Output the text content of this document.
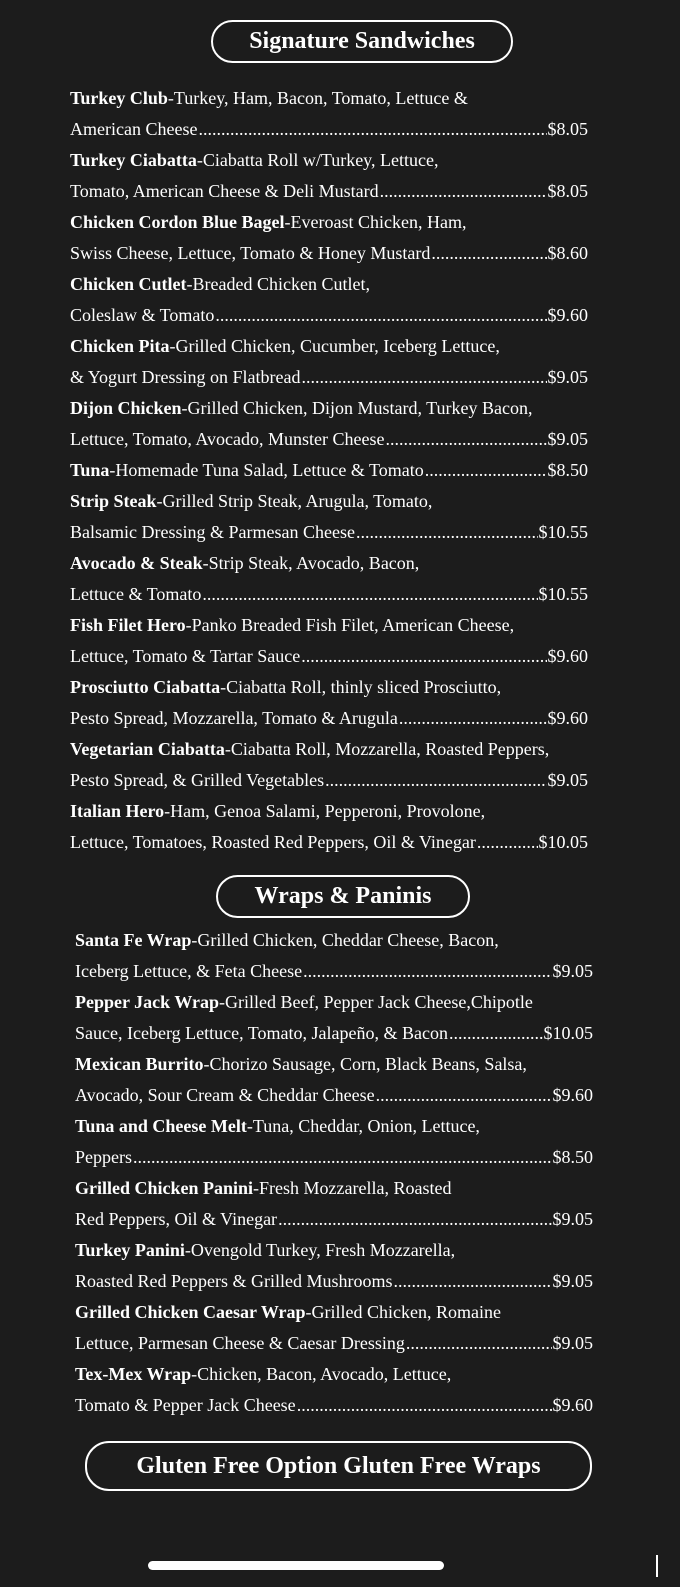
Signature Sandwiches
Turkey Club -Turkey, Ham, Bacon, Tomato, Lettuce &
American Cheese .....	$8.05
Turkey Ciabatta -Ciabatta Roll w/Turkey, Lettuce,
Tomato, American Cheese & Deli Mustard .....	$8.05
Chicken Cordon Blue Bagel -Everoast Chicken, Ham,
Swiss Cheese, Lettuce, Tomato & Honey Mustard .....	$8.60
Chicken Cutlet -Breaded Chicken Cutlet,
Coleslaw & Tomato .....	$9.60
Chicken Pita -Grilled Chicken, Cucumber, Iceberg Lettuce,
& Yogurt Dressing on Flatbread .....	$9.05
Dijon Chicken -Grilled Chicken, Dijon Mustard, Turkey Bacon,
Lettuce, Tomato, Avocado, Munster Cheese .....	$9.05
Tuna -Homemade Tuna Salad, Lettuce & Tomato .....	$8.50
Strip Steak -Grilled Strip Steak, Arugula, Tomato,
Balsamic Dressing & Parmesan Cheese .....	$10.55
Avocado & Steak -Strip Steak, Avocado, Bacon,
Lettuce & Tomato .....	$10.55
Fish Filet Hero -Panko Breaded Fish Filet, American Cheese,
Lettuce, Tomato & Tartar Sauce .....	$9.60
Prosciutto Ciabatta -Ciabatta Roll, thinly sliced Prosciutto,
Pesto Spread, Mozzarella, Tomato & Arugula .....	$9.60
Vegetarian Ciabatta -Ciabatta Roll, Mozzarella, Roasted Peppers,
Pesto Spread, & Grilled Vegetables .....	$9.05
Italian Hero -Ham, Genoa Salami, Pepperoni, Provolone,
Lettuce, Tomatoes, Roasted Red Peppers, Oil & Vinegar .....	$10.05
Wraps & Paninis
Santa Fe Wrap -Grilled Chicken, Cheddar Cheese, Bacon,
Iceberg Lettuce, & Feta Cheese .....	$9.05
Pepper Jack Wrap -Grilled Beef, Pepper Jack Cheese,Chipotle
Sauce, Iceberg Lettuce, Tomato, Jalapeño, & Bacon .....	$10.05
Mexican Burrito -Chorizo Sausage, Corn, Black Beans, Salsa,
Avocado, Sour Cream & Cheddar Cheese .....	$9.60
Tuna and Cheese Melt -Tuna, Cheddar, Onion, Lettuce,
Peppers .....	$8.50
Grilled Chicken Panini -Fresh Mozzarella, Roasted
Red Peppers, Oil & Vinegar .....	$9.05
Turkey Panini -Ovengold Turkey, Fresh Mozzarella,
Roasted Red Peppers & Grilled Mushrooms .....	$9.05
Grilled Chicken Caesar Wrap -Grilled Chicken, Romaine
Lettuce, Parmesan Cheese & Caesar Dressing .....	$9.05
Tex-Mex Wrap -Chicken, Bacon, Avocado, Lettuce,
Tomato & Pepper Jack Cheese .....	$9.60
Gluten Free Option Gluten Free Wraps
